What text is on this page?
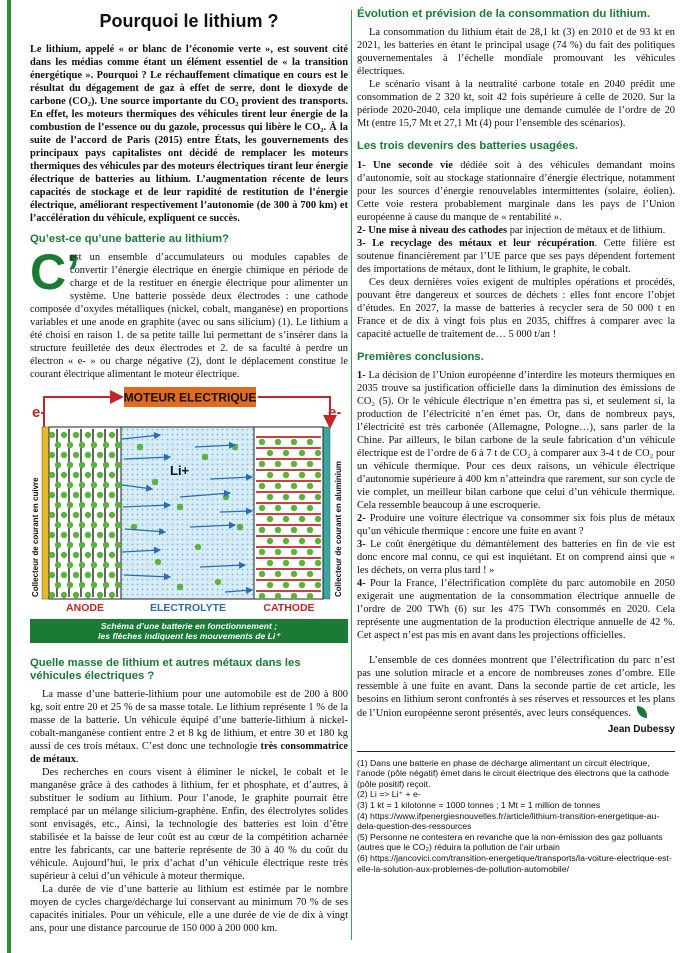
Pourquoi le lithium ?

Le lithium, appelé « or blanc de l’économie verte », est souvent cité dans les médias comme étant un élément essentiel de « la transition énergétique ». Pourquoi ? Le réchauffement climatique en cours est le résultat du dégagement de gaz à effet de serre, dont le dioxyde de carbone (CO₂). Une source importante du CO₂ provient des transports. En effet, les moteurs thermiques des véhicules tirent leur énergie de la combustion de l’essence ou du gazole, processus qui libère le CO₂. À la suite de l’accord de Paris (2015) entre États, les gouvernements des principaux pays capitalistes ont décidé de remplacer les moteurs thermiques des véhicules par des moteurs électriques tirant leur énergie électrique de batteries au lithium. L’augmentation récente de leurs capacités de stockage et de leur rapidité de restitution de l’énergie électrique, améliorant respectivement l’autonomie (de 300 à 700 km) et l’accélération du véhicule, expliquent ce succès.

Qu’est-ce qu’une batterie au lithium?
C’

est un ensemble d’accumulateurs ou modules capables de convertir l’énergie électrique en énergie chimique en période de charge et de la restituer en énergie électrique pour alimenter un système. Une batterie possède deux électrodes : une cathode composée d’oxydes métalliques (nickel, cobalt, manganèse) en proportions variables et une anode en graphite (avec ou sans silicium) (1). Le lithium a été choisi en raison 1. de sa petite taille lui permettant de s’insérer dans la structure feuilletée des deux électrodes et 2. de sa faculté à perdre un électron « e- » ou charge négative (2), dont le déplacement constitue le courant électrique alimentant le moteur électrique.

MOTEUR ELECTRIQUE
e-	e-
Li+
ANODE	ELECTROLYTE	CATHODE
Collecteur de courant en cuivre	Collecteur de courant en aluminium
Schéma d’une batterie en fonctionnement ;
les flèches indiquent les mouvements de Li⁺
Quelle masse de lithium et autres métaux dans les véhicules électriques ?

La masse d’une batterie-lithium pour une automobile est de 200 à 800 kg, soit entre 20 et 25 % de sa masse totale. Le lithium représente 1 % de la masse de la batterie. Un véhicule équipé d’une batterie-lithium à nickel-cobalt-manganèse contient entre 2 et 8 kg de lithium, et entre 30 et 180 kg aussi de ces trois métaux. C’est donc une technologie très consommatrice de métaux.

Des recherches en cours visent à éliminer le nickel, le cobalt et le manganèse grâce à des cathodes à lithium, fer et phosphate, et d’autres, à substituer le sodium au lithium. Pour l’anode, le graphite pourrait être remplacé par un mélange silicium-graphène. Enfin, des électrolytes solides sont envisagés, etc., Ainsi, la technologie des batteries est loin d’être stabilisée et la baisse de leur coût est au cœur de la compétition acharnée entre les fabricants, car une batterie représente de 30 à 40 % du coût du véhicule. Aujourd’hui, le prix d’achat d’un véhicule électrique reste très supérieur à celui d’un véhicule à moteur thermique.

La durée de vie d’une batterie au lithium est estimée par le nombre moyen de cycles charge/décharge lui conservant au minimum 70 % de ses capacités initiales. Pour un véhicule, elle a une durée de vie de dix à vingt ans, pour une distance parcourue de 150 000 à 200 000 km.

Évolution et prévision de la consommation du lithium.

La consommation du lithium était de 28,1 kt (3) en 2010 et de 93 kt en 2021, les batteries en étant le principal usage (74 %) du fait des politiques gouvernementales à l’échelle mondiale promouvant les véhicules électriques.

Le scénario visant à la neutralité carbone totale en 2040 prédit une consommation de 2 320 kt, soit 42 fois supérieure à celle de 2020. Sur la période 2020-2040, cela implique une demande cumulée de l’ordre de 20 Mt (entre 15,7 Mt et 27,1 Mt (4) pour l’ensemble des scénarios).

Les trois devenirs des batteries usagées.

1- Une seconde vie dédiée soit à des véhicules demandant moins d’autonomie, soit au stockage stationnaire d’énergie électrique, notamment pour les sources d’énergie renouvelables intermittentes (solaire, éolien). Cette voie restera probablement marginale dans les pays de l’Union européenne à cause du manque de « rentabilité ».

2- Une mise à niveau des cathodes par injection de métaux et de lithium.

3- Le recyclage des métaux et leur récupération. Cette filière est soutenue financièrement par l’UE parce que ses pays dépendent fortement des importations de métaux, dont le lithium, le graphite, le cobalt.

Ces deux dernières voies exigent de multiples opérations et procédés, pouvant être dangereux et sources de déchets : elles font encore l’objet d’études. En 2027, la masse de batteries à recycler sera de 50 000 t en France et de dix à vingt fois plus en 2035, chiffres à comparer avec la capacité actuelle de traitement de… 5 000 t/an !

Premières conclusions.

1- La décision de l’Union européenne d’interdire les moteurs thermiques en 2035 trouve sa justification officielle dans la diminution des émissions de CO₂ (5). Or le véhicule électrique n’en émettra pas si, et seulement si, la production de l’électricité n’en émet pas. Or, dans de nombreux pays, l’électricité est très carbonée (Allemagne, Pologne…), sans parler de la Chine. Par ailleurs, le bilan carbone de la seule fabrication d’un véhicule électrique est de l’ordre de 6 à 7 t de CO₂ à comparer aux 3-4 t de CO₂ pour un véhicule thermique. Pour ces deux raisons, un véhicule électrique d’autonomie supérieure à 400 km n’atteindra que rarement, sur son cycle de vie complet, un meilleur bilan carbone que celui d’un véhicule thermique. Cela ressemble beaucoup à une escroquerie.

2- Produire une voiture électrique va consommer six fois plus de métaux qu’un véhicule thermique : encore une fuite en avant ?

3- Le coût énergétique du démantèlement des batteries en fin de vie est donc encore mal connu, ce qui est inquiétant. Et on comprend ainsi que « les déchets, on verra plus tard ! »

4- Pour la France, l’électrification complète du parc automobile en 2050 exigerait une augmentation de la consommation électrique annuelle de l’ordre de 200 TWh (6) sur les 475 TWh consommés en 2020. Cela représente une augmentation de la production électrique annuelle de 42 %. Cet aspect n’est pas mis en avant dans les projections officielles.

L’ensemble de ces données montrent que l’électrification du parc n’est pas une solution miracle et a encore de nombreuses zones d’ombre. Elle ressemble à une fuite en avant. Dans la seconde partie de cet article, les besoins en lithium seront confrontés à ses réserves et ressources et les plans de l’Union européenne seront présentés, avec leurs conséquences.

Jean Dubessy
(1) Dans une batterie en phase de décharge alimentant un circuit électrique, l’anode (pôle négatif) émet dans le circuit électrique des électrons que la cathode (pôle positif) reçoit.
(2) Li => Li⁺ + e-
(3) 1 kt = 1 kilotonne = 1000 tonnes ; 1 Mt = 1 million de tonnes
(4) https://www.ifpenergiesnouvelles.fr/article/lithium-transition-energetique-au-dela-question-des-ressources
(5) Personne ne contestera en revanche que la non-émission des gaz polluants (autres que le CO₂) réduira la pollution de l’air urbain
(6) https://jancovici.com/transition-energetique/transports/la-voiture-electrique-est-elle-la-solution-aux-problemes-de-pollution-automobile/
